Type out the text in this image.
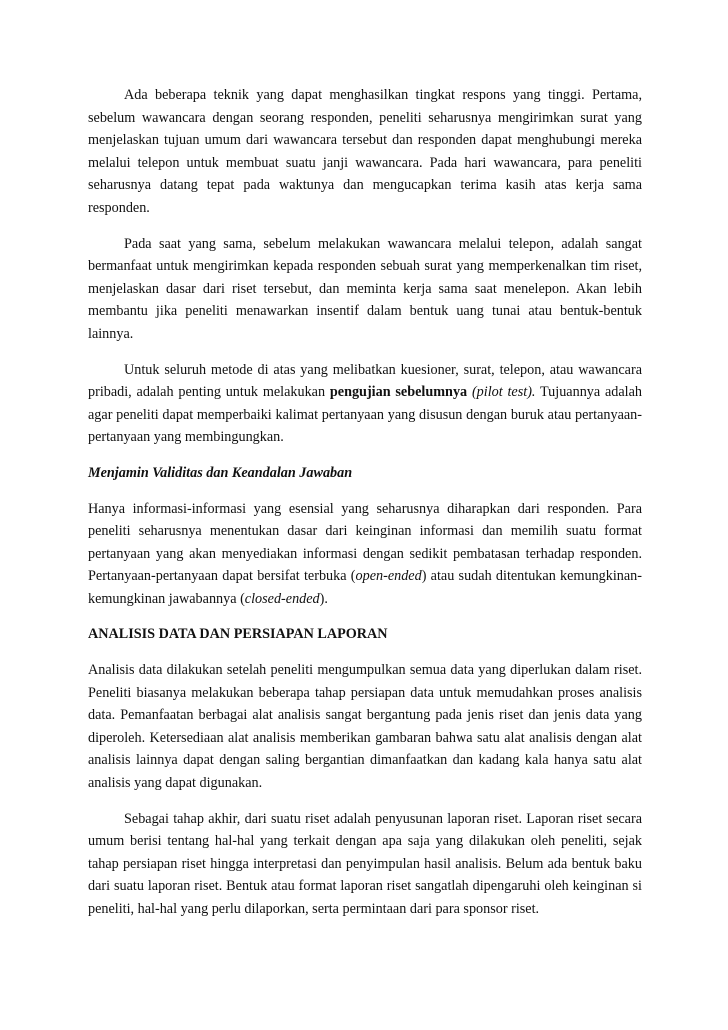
Ada beberapa teknik yang dapat menghasilkan tingkat respons yang tinggi. Pertama, sebelum wawancara dengan seorang responden, peneliti seharusnya mengirimkan surat yang menjelaskan tujuan umum dari wawancara tersebut dan responden dapat menghubungi mereka melalui telepon untuk membuat suatu janji wawancara. Pada hari wawancara, para peneliti seharusnya datang tepat pada waktunya dan mengucapkan terima kasih atas kerja sama responden.

Pada saat yang sama, sebelum melakukan wawancara melalui telepon, adalah sangat bermanfaat untuk mengirimkan kepada responden sebuah surat yang memperkenalkan tim riset, menjelaskan dasar dari riset tersebut, dan meminta kerja sama saat menelepon. Akan lebih membantu jika peneliti menawarkan insentif dalam bentuk uang tunai atau bentuk-bentuk lainnya.

Untuk seluruh metode di atas yang melibatkan kuesioner, surat, telepon, atau wawancara pribadi, adalah penting untuk melakukan pengujian sebelumnya (pilot test). Tujuannya adalah agar peneliti dapat memperbaiki kalimat pertanyaan yang disusun dengan buruk atau pertanyaan-pertanyaan yang membingungkan.

Menjamin Validitas dan Keandalan Jawaban

Hanya informasi-informasi yang esensial yang seharusnya diharapkan dari responden. Para peneliti seharusnya menentukan dasar dari keinginan informasi dan memilih suatu format pertanyaan yang akan menyediakan informasi dengan sedikit pembatasan terhadap responden. Pertanyaan-pertanyaan dapat bersifat terbuka (open-ended) atau sudah ditentukan kemungkinan-kemungkinan jawabannya (closed-ended).

ANALISIS DATA DAN PERSIAPAN LAPORAN

Analisis data dilakukan setelah peneliti mengumpulkan semua data yang diperlukan dalam riset. Peneliti biasanya melakukan beberapa tahap persiapan data untuk memudahkan proses analisis data. Pemanfaatan berbagai alat analisis sangat bergantung pada jenis riset dan jenis data yang diperoleh. Ketersediaan alat analisis memberikan gambaran bahwa satu alat analisis dengan alat analisis lainnya dapat dengan saling bergantian dimanfaatkan dan kadang kala hanya satu alat analisis yang dapat digunakan.

Sebagai tahap akhir, dari suatu riset adalah penyusunan laporan riset. Laporan riset secara umum berisi tentang hal-hal yang terkait dengan apa saja yang dilakukan oleh peneliti, sejak tahap persiapan riset hingga interpretasi dan penyimpulan hasil analisis. Belum ada bentuk baku dari suatu laporan riset. Bentuk atau format laporan riset sangatlah dipengaruhi oleh keinginan si peneliti, hal-hal yang perlu dilaporkan, serta permintaan dari para sponsor riset.
